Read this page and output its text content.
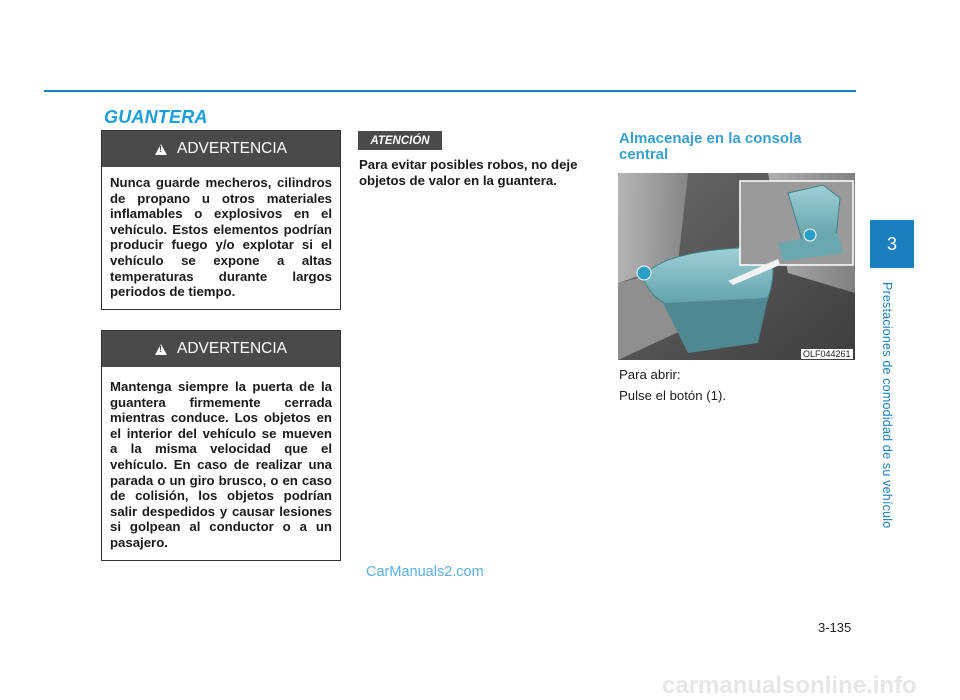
GUANTERA
!
ADVERTENCIA
Nunca guarde mecheros, cilindros de propano u otros materiales inflamables o explosivos en el vehículo. Estos elementos podrían producir fuego y/o explotar si el vehículo se expone a altas temperaturas durante largos periodos de tiempo.
!
ADVERTENCIA
Mantenga siempre la puerta de la guantera firmemente cerrada mientras conduce. Los objetos en el interior del vehículo se mueven a la misma velocidad que el vehículo. En caso de realizar una parada o un giro brusco, o en caso de colisión, los objetos podrían salir despedidos y causar lesiones si golpean al conductor o a un pasajero.
ATENCIÓN
Para evitar posibles robos, no deje objetos de valor en la guantera.
Almacenaje en la consola central
OLF044261
Para abrir:
Pulse el botón (1).
3
Prestaciones de comodidad de su vehículo
CarManuals2.com
3-135
carmanualsonline.info
